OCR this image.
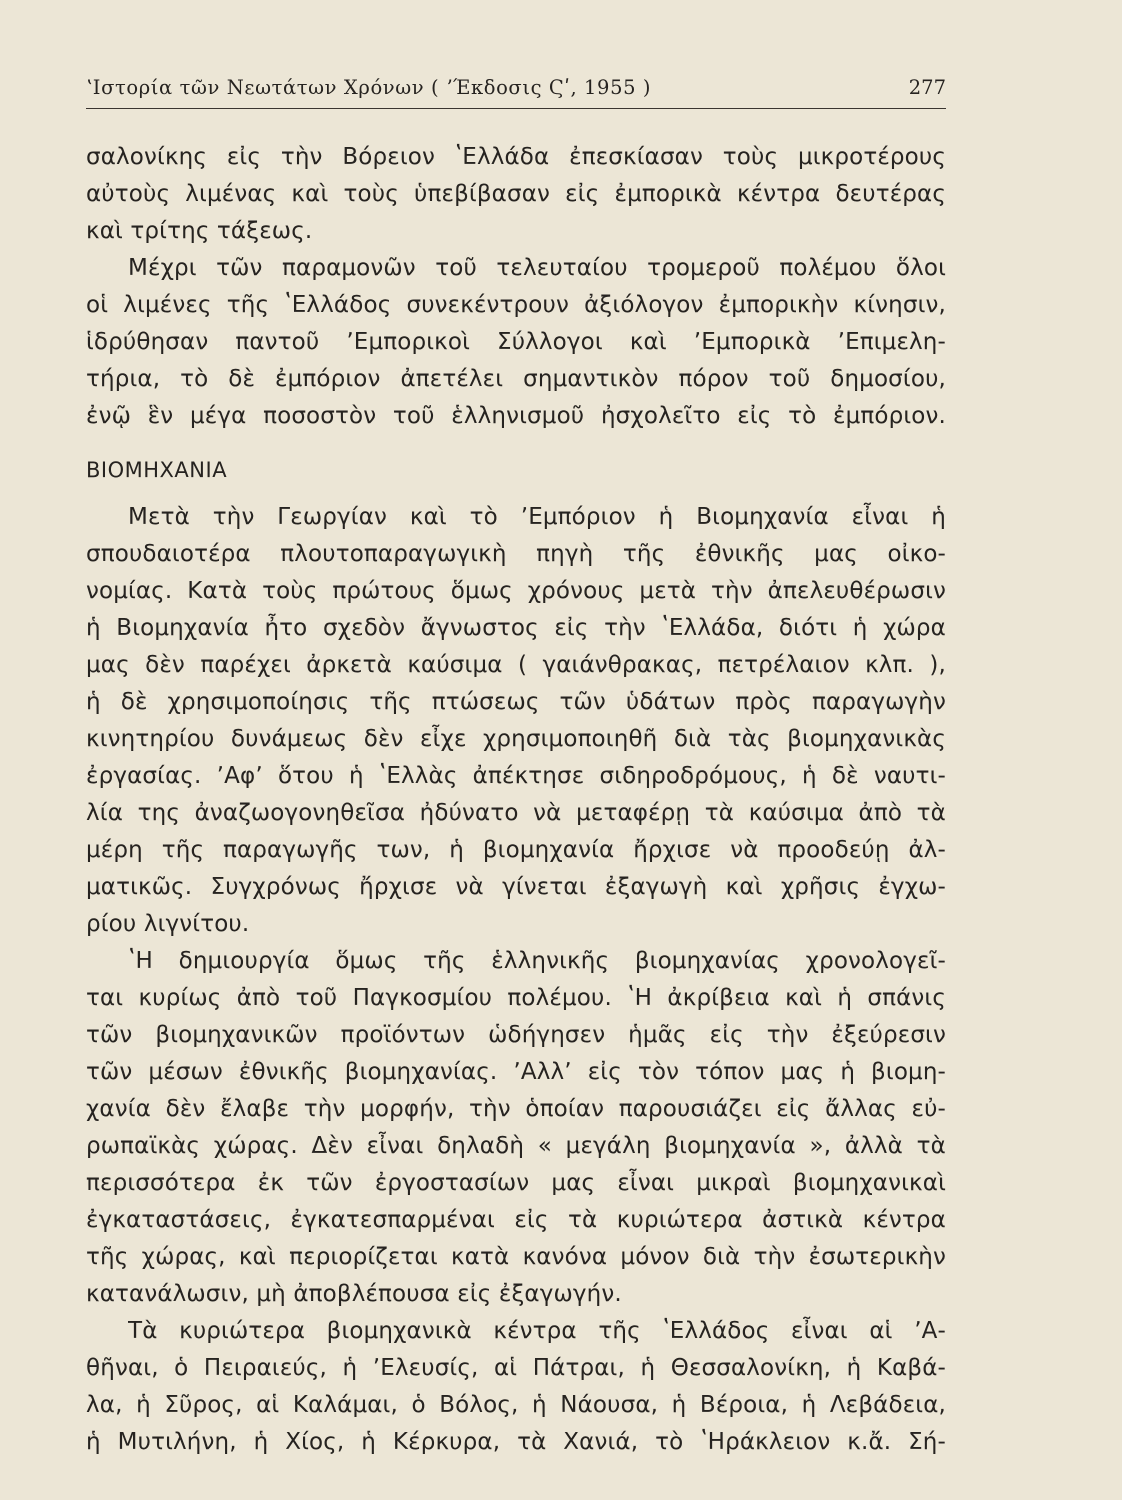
ʽΙστορία τῶν Νεωτάτων Χρόνων ( ʼΈκδοσις Ϛʹ, 1955 )	277
σαλονίκης εἰς τὴν Βόρειον ʽΕλλάδα ἐπεσκίασαν τοὺς μικροτέρους
αὐτοὺς λιμένας καὶ τοὺς ὑπεβίβασαν εἰς ἐμπορικὰ κέντρα δευτέρας
καὶ τρίτης τάξεως.
Μέχρι τῶν παραμονῶν τοῦ τελευταίου τρομεροῦ πολέμου ὅλοι
οἱ λιμένες τῆς ʽΕλλάδος συνεκέντρουν ἀξιόλογον ἐμπορικὴν κίνησιν,
ἱδρύθησαν παντοῦ ʼΕμπορικοὶ Σύλλογοι καὶ ʼΕμπορικὰ ʼΕπιμελη-
τήρια, τὸ δὲ ἐμπόριον ἀπετέλει σημαντικὸν πόρον τοῦ δημοσίου,
ἐνῷ ἓν μέγα ποσοστὸν τοῦ ἑλληνισμοῦ ἠσχολεῖτο εἰς τὸ ἐμπόριον.
ΒΙΟΜΗΧΑΝΙΑ
Μετὰ τὴν Γεωργίαν καὶ τὸ ʼΕμπόριον ἡ Βιομηχανία εἶναι ἡ
σπουδαιοτέρα πλουτοπαραγωγικὴ πηγὴ τῆς ἐθνικῆς μας οἰκο-
νομίας. Κατὰ τοὺς πρώτους ὅμως χρόνους μετὰ τὴν ἀπελευθέρωσιν
ἡ Βιομηχανία ἦτο σχεδὸν ἄγνωστος εἰς τὴν ʽΕλλάδα, διότι ἡ χώρα
μας δὲν παρέχει ἀρκετὰ καύσιμα ( γαιάνθρακας, πετρέλαιον κλπ. ),
ἡ δὲ χρησιμοποίησις τῆς πτώσεως τῶν ὑδάτων πρὸς παραγωγὴν
κινητηρίου δυνάμεως δὲν εἶχε χρησιμοποιηθῆ διὰ τὰς βιομηχανικὰς
ἐργασίας. ʼΑφʼ ὅτου ἡ ʽΕλλὰς ἀπέκτησε σιδηροδρόμους, ἡ δὲ ναυτι-
λία της ἀναζωογονηθεῖσα ἠδύνατο νὰ μεταφέρῃ τὰ καύσιμα ἀπὸ τὰ
μέρη τῆς παραγωγῆς των, ἡ βιομηχανία ἤρχισε νὰ προοδεύῃ ἀλ-
ματικῶς. Συγχρόνως ἤρχισε νὰ γίνεται ἐξαγωγὴ καὶ χρῆσις ἐγχω-
ρίου λιγνίτου.
ʽΗ δημιουργία ὅμως τῆς ἑλληνικῆς βιομηχανίας χρονολογεῖ-
ται κυρίως ἀπὸ τοῦ Παγκοσμίου πολέμου. ʽΗ ἀκρίβεια καὶ ἡ σπάνις
τῶν βιομηχανικῶν προϊόντων ὡδήγησεν ἡμᾶς εἰς τὴν ἐξεύρεσιν
τῶν μέσων ἐθνικῆς βιομηχανίας. ʼΑλλʼ εἰς τὸν τόπον μας ἡ βιομη-
χανία δὲν ἔλαβε τὴν μορφήν, τὴν ὁποίαν παρουσιάζει εἰς ἄλλας εὐ-
ρωπαϊκὰς χώρας. Δὲν εἶναι δηλαδὴ « μεγάλη βιομηχανία », ἀλλὰ τὰ
περισσότερα ἐκ τῶν ἐργοστασίων μας εἶναι μικραὶ βιομηχανικαὶ
ἐγκαταστάσεις, ἐγκατεσπαρμέναι εἰς τὰ κυριώτερα ἀστικὰ κέντρα
τῆς χώρας, καὶ περιορίζεται κατὰ κανόνα μόνον διὰ τὴν ἐσωτερικὴν
κατανάλωσιν, μὴ ἀποβλέπουσα εἰς ἐξαγωγήν.
Τὰ κυριώτερα βιομηχανικὰ κέντρα τῆς ʽΕλλάδος εἶναι αἱ ʼΑ-
θῆναι, ὁ Πειραιεύς, ἡ ʼΕλευσίς, αἱ Πάτραι, ἡ Θεσσαλονίκη, ἡ Καβά-
λα, ἡ Σῦρος, αἱ Καλάμαι, ὁ Βόλος, ἡ Νάουσα, ἡ Βέροια, ἡ Λεβάδεια,
ἡ Μυτιλήνη, ἡ Χίος, ἡ Κέρκυρα, τὰ Χανιά, τὸ ʽΗράκλειον κ.ἄ. Σή-
